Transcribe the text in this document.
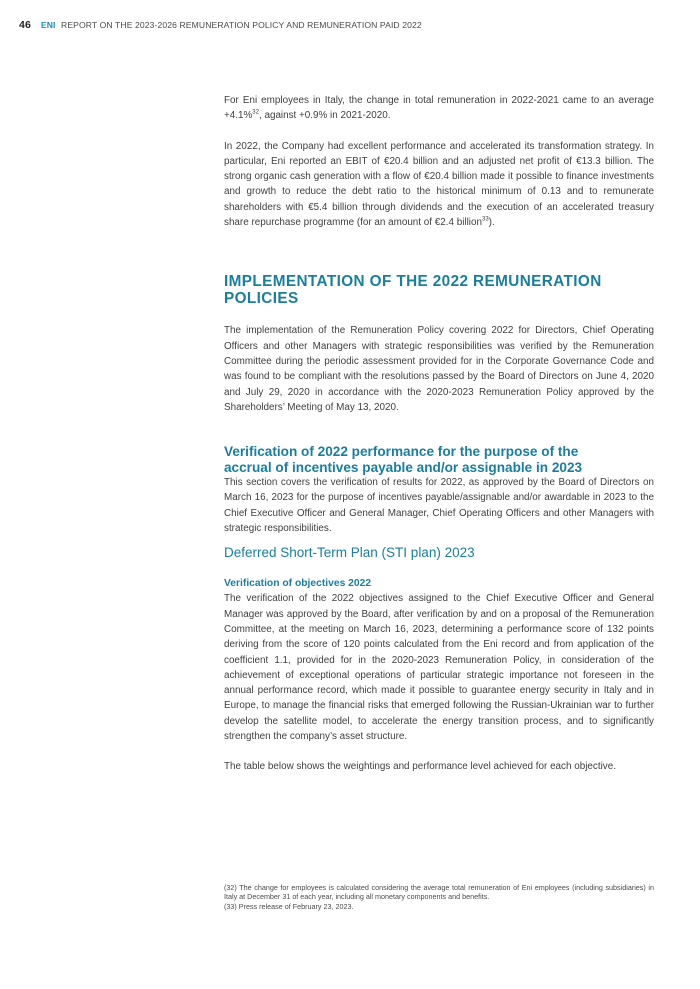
46 ENI REPORT ON THE 2023-2026 REMUNERATION POLICY AND REMUNERATION PAID 2022

For Eni employees in Italy, the change in total remuneration in 2022-2021 came to an average +4.1%$^{32}$, against +0.9% in 2021-2020.

In 2022, the Company had excellent performance and accelerated its transformation strategy. In particular, Eni reported an EBIT of €20.4 billion and an adjusted net profit of €13.3 billion. The strong organic cash generation with a flow of €20.4 billion made it possible to finance investments and growth to reduce the debt ratio to the historical minimum of 0.13 and to remunerate shareholders with €5.4 billion through dividends and the execution of an accelerated treasury share repurchase programme (for an amount of €2.4 billion$^{33}$).

IMPLEMENTATION OF THE 2022 REMUNERATION
POLICIES

The implementation of the Remuneration Policy covering 2022 for Directors, Chief Operating Officers and other Managers with strategic responsibilities was verified by the Remuneration Committee during the periodic assessment provided for in the Corporate Governance Code and was found to be compliant with the resolutions passed by the Board of Directors on June 4, 2020 and July 29, 2020 in accordance with the 2020-2023 Remuneration Policy approved by the Shareholders’ Meeting of May 13, 2020.

Verification of 2022 performance for the purpose of the
accrual of incentives payable and/or assignable in 2023

This section covers the verification of results for 2022, as approved by the Board of Directors on March 16, 2023 for the purpose of incentives payable/assignable and/or awardable in 2023 to the Chief Executive Officer and General Manager, Chief Operating Officers and other Managers with strategic responsibilities.

Deferred Short-Term Plan (STI plan) 2023
Verification of objectives 2022

The verification of the 2022 objectives assigned to the Chief Executive Officer and General Manager was approved by the Board, after verification by and on a proposal of the Remuneration Committee, at the meeting on March 16, 2023, determining a performance score of 132 points deriving from the score of 120 points calculated from the Eni record and from application of the coefficient 1.1, provided for in the 2020-2023 Remuneration Policy, in consideration of the achievement of exceptional operations of particular strategic importance not foreseen in the annual performance record, which made it possible to guarantee energy security in Italy and in Europe, to manage the financial risks that emerged following the Russian-Ukrainian war to further develop the satellite model, to accelerate the energy transition process, and to significantly strengthen the company’s asset structure.

The table below shows the weightings and performance level achieved for each objective.

(32) The change for employees is calculated considering the average total remuneration of Eni employees (including subsidiaries) in Italy at December 31 of each year, including all monetary components and benefits.

(33) Press release of February 23, 2023.
